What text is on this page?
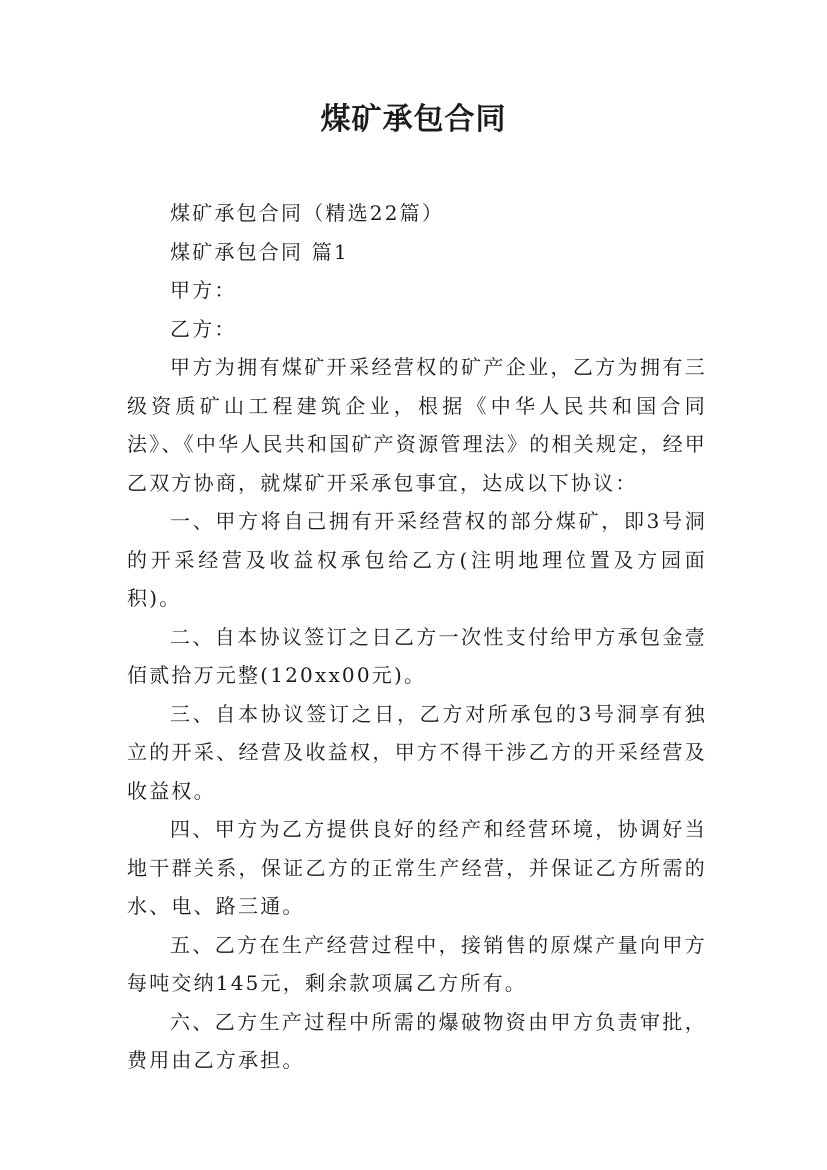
煤矿承包合同

煤矿承包合同（精选22篇）

煤矿承包合同 篇1

甲方：

乙方：

甲方为拥有煤矿开采经营权的矿产企业，乙方为拥有三级资质矿山工程建筑企业，根据《中华人民共和国合同法》、《中华人民共和国矿产资源管理法》的相关规定，经甲乙双方协商，就煤矿开采承包事宜，达成以下协议：

一、甲方将自己拥有开采经营权的部分煤矿，即3号洞的开采经营及收益权承包给乙方(注明地理位置及方园面积)。

二、自本协议签订之日乙方一次性支付给甲方承包金壹佰贰拾万元整(120xx00元)。

三、自本协议签订之日，乙方对所承包的3号洞享有独立的开采、经营及收益权，甲方不得干涉乙方的开采经营及收益权。

四、甲方为乙方提供良好的经产和经营环境，协调好当地干群关系，保证乙方的正常生产经营，并保证乙方所需的水、电、路三通。

五、乙方在生产经营过程中，接销售的原煤产量向甲方每吨交纳145元，剩余款项属乙方所有。

六、乙方生产过程中所需的爆破物资由甲方负责审批，费用由乙方承担。
